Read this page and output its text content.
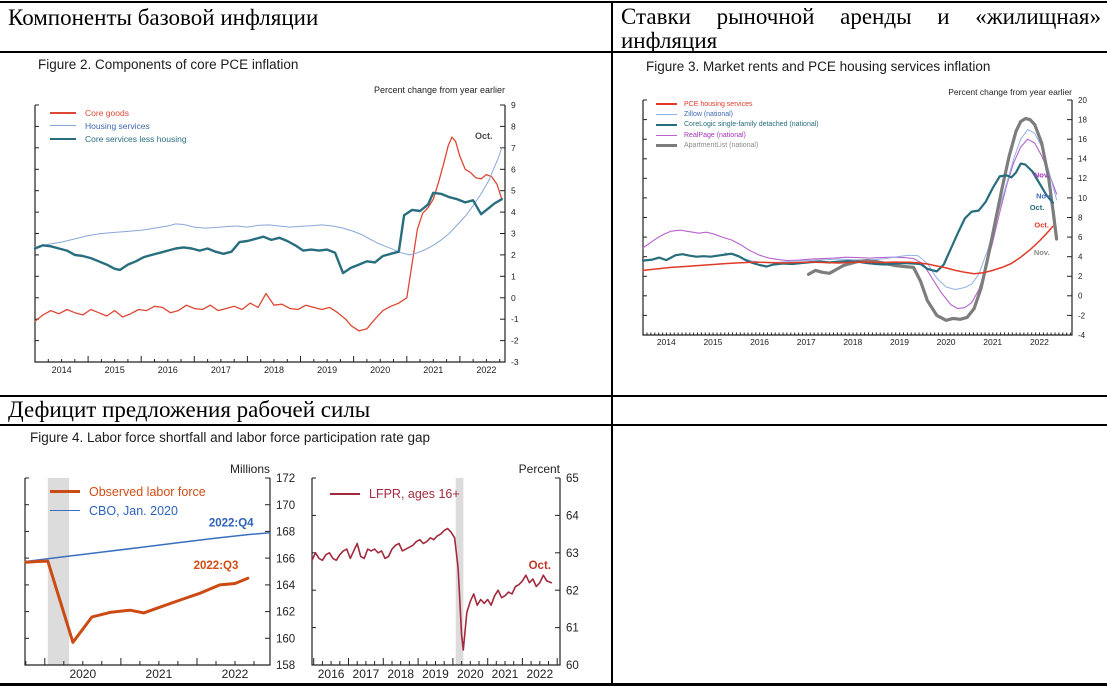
Компоненты базовой инфляции	Ставки рыночной аренды и «жилищная»
инфляция
Дефицит предложения рабочей силы
Figure 2. Components of core PCE inflation	Figure 3. Market rents and PCE housing services inflation
Figure 4. Labor force shortfall and labor force participation rate gap
-3
-2
-1
0
1
2
3
4
5
6
7
8
9
2014	2015	2016	2017	2018	2019	2020	2021	2022
Percent change from year earlier
Oct.
-4
-2
0
2
4
6
8
10
12
14
16
18
20
2014	2015	2016	2017	2018	2019	2020	2021	2022
Percent change from year earlier
Nov.
Nov.
Oct.
Oct.
Nov.
158
160
162
164
166
168
170
172
2020	2021	2022
Millions
2022:Q4
2022:Q3
60
61
62
63
64
65
2016 2017 2018 2019 2020 2021 2022
Percent
Oct.
Core goods
Housing services
Core services less housing
PCE housing services
Zillow (national)
CoreLogic single-family detached (national)
RealPage (national)
ApartmentList (national)
Observed labor force
CBO, Jan. 2020
LFPR, ages 16+
